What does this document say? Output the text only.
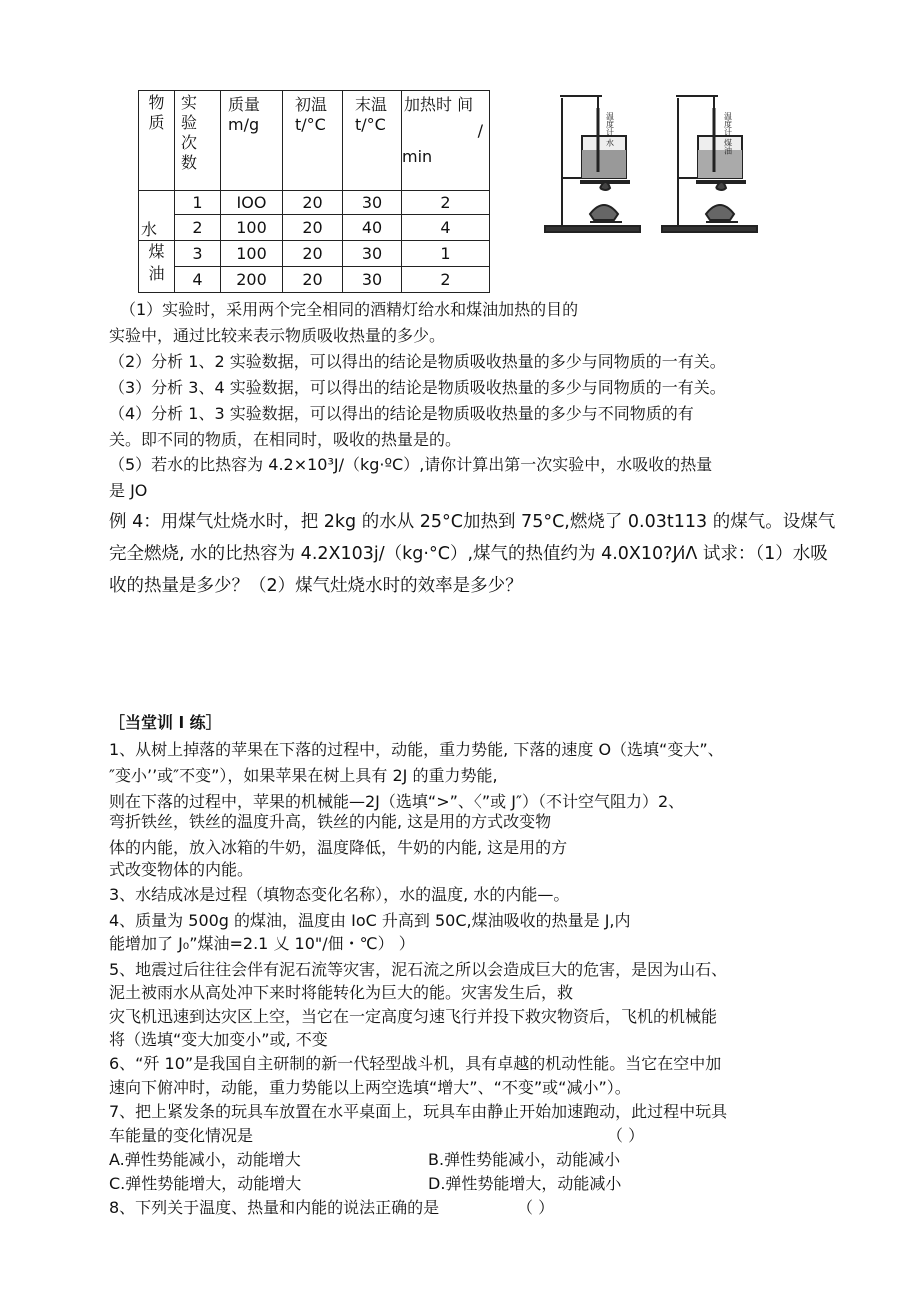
物质	实验次数	质量m/g	初温t/°C	末温t/°C	加热时 间
/
min

水	1	IOO	20	30	2
	2	100	20	40	4

煤油	3	100	20	30	1
	4	200	20	30	2
温度计 水	温度计 煤油
（1）实验时，采用两个完全相同的酒精灯给水和煤油加热的目的
实验中，通过比较来表示物质吸收热量的多少。
（2）分析 1、2 实验数据，可以得出的结论是物质吸收热量的多少与同物质的一有关。
（3）分析 3、4 实验数据，可以得出的结论是物质吸收热量的多少与同物质的一有关。
（4）分析 1、3 实验数据，可以得出的结论是物质吸收热量的多少与不同物质的有
关。即不同的物质，在相同时，吸收的热量是的。
（5）若水的比热容为 4.2×10³J/（kg·ºC）,请你计算出第一次实验中，水吸收的热量
是 JO
例 4：用煤气灶烧水时，把 2kg 的水从 25°C加热到 75°C,燃烧了 0.03t113 的煤气。设煤气
完全燃烧, 水的比热容为 4.2X103j/（kg·°C）,煤气的热值约为 4.0X10?J⁄iΛ 试求：（1）水吸
收的热量是多少？（2）煤气灶烧水时的效率是多少？
［当堂训 l 练］
1、从树上掉落的苹果在下落的过程中，动能，重力势能, 下落的速度 O（选填“变大”、
″变小’’或″不变”），如果苹果在树上具有 2J 的重力势能,
则在下落的过程中，苹果的机械能—2J（选填“>”、〈”或 J″）（不计空气阻力）2、
弯折铁丝，铁丝的温度升高，铁丝的内能, 这是用的方式改变物
体的内能，放入冰箱的牛奶，温度降低，牛奶的内能, 这是用的方
式改变物体的内能。
3、水结成冰是过程（填物态变化名称），水的温度, 水的内能—。
4、质量为 500g 的煤油，温度由 IoC 升高到 50C,煤油吸收的热量是 J,内
能增加了 J₀”煤油=2.1 乂 10"/佃・℃） ）
5、地震过后往往会伴有泥石流等灾害，泥石流之所以会造成巨大的危害，是因为山石、
泥土被雨水从高处冲下来时将能转化为巨大的能。灾害发生后，救
灾飞机迅速到达灾区上空，当它在一定高度匀速飞行并投下救灾物资后，飞机的机械能
将（选填“变大加变小”或, 不变
6、“歼 10”是我国自主研制的新一代轻型战斗机，具有卓越的机动性能。当它在空中加
速向下俯冲时，动能，重力势能以上两空选填“增大”、“不变”或“减小”）。
7、把上紧发条的玩具车放置在水平桌面上，玩具车由静止开始加速跑动，此过程中玩具
车能量的变化情况是	（ ）
A.弹性势能减小，动能增大	B.弹性势能减小，动能减小
C.弹性势能增大，动能增大	D.弹性势能增大，动能减小
8、下列关于温度、热量和内能的说法正确的是	（ ）
